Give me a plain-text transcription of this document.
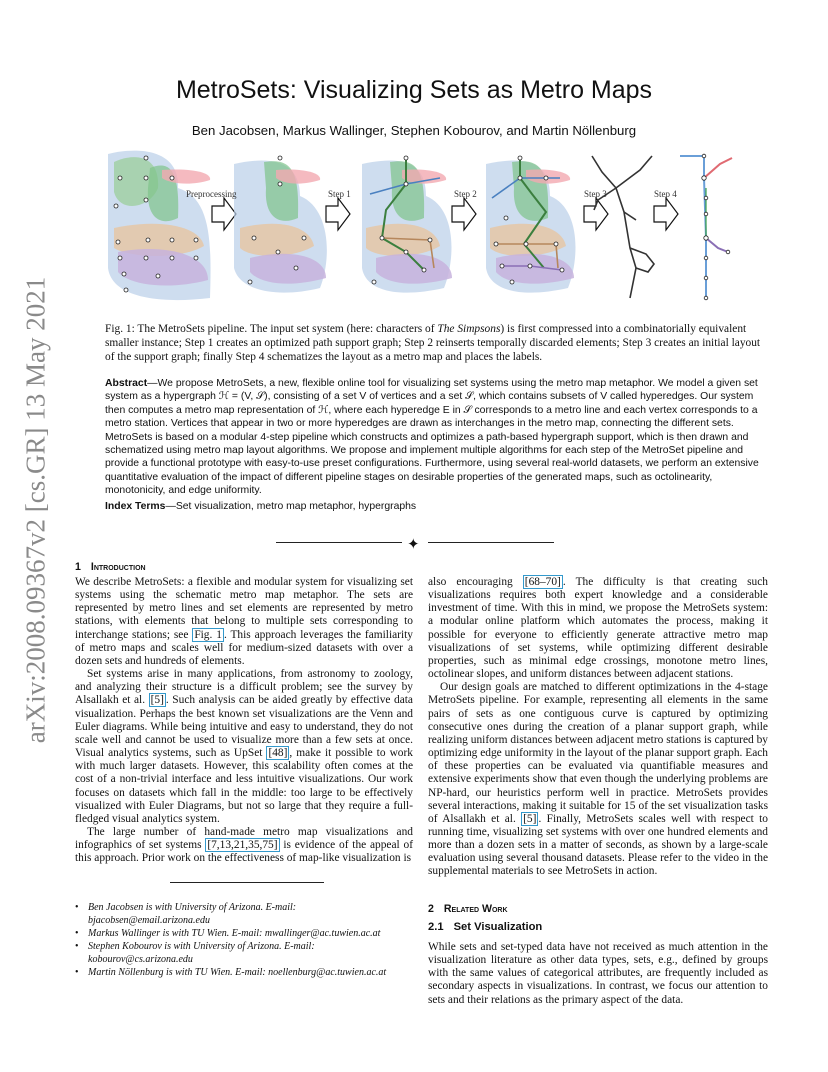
arXiv:2008.09367v2 [cs.GR] 13 May 2021
MetroSets: Visualizing Sets as Metro Maps
Ben Jacobsen, Markus Wallinger, Stephen Kobourov, and Martin Nöllenburg
Preprocessing	Step 1	Step 2	Step 3	Step 4
Fig. 1: The MetroSets pipeline. The input set system (here: characters of The Simpsons) is first compressed into a combinatorially equivalent smaller instance; Step 1 creates an optimized path support graph; Step 2 reinserts temporally discarded elements; Step 3 creates an initial layout of the support graph; finally Step 4 schematizes the layout as a metro map and places the labels.
Abstract—We propose MetroSets, a new, flexible online tool for visualizing set systems using the metro map metaphor. We model a given set system as a hypergraph ℋ = (V, 𝒮), consisting of a set V of vertices and a set 𝒮, which contains subsets of V called hyperedges. Our system then computes a metro map representation of ℋ, where each hyperedge E in 𝒮 corresponds to a metro line and each vertex corresponds to a metro station. Vertices that appear in two or more hyperedges are drawn as interchanges in the metro map, connecting the different sets. MetroSets is based on a modular 4-step pipeline which constructs and optimizes a path-based hypergraph support, which is then drawn and schematized using metro map layout algorithms. We propose and implement multiple algorithms for each step of the MetroSet pipeline and provide a functional prototype with easy-to-use preset configurations. Furthermore, using several real-world datasets, we perform an extensive quantitative evaluation of the impact of different pipeline stages on desirable properties of the generated maps, such as octolinearity, monotonicity, and edge uniformity.
Index Terms—Set visualization, metro map metaphor, hypergraphs
✦
1 Introduction

We describe MetroSets: a flexible and modular system for visualizing set systems using the schematic metro map metaphor. The sets are represented by metro lines and set elements are represented by metro stations, with elements that belong to multiple sets corresponding to interchange stations; see Fig. 1 . This approach leverages the familiarity of metro maps and scales well for medium-sized datasets with over a dozen sets and hundreds of elements.

Set systems arise in many applications, from astronomy to zoology, and analyzing their structure is a difficult problem; see the survey by Alsallakh et al. [5] . Such analysis can be aided greatly by effective data visualization. Perhaps the best known set visualizations are the Venn and Euler diagrams. While being intuitive and easy to understand, they do not scale well and cannot be used to visualize more than a few sets at once. Visual analytics systems, such as UpSet [48] , make it possible to work with much larger datasets. However, this scalability often comes at the cost of a non-trivial interface and less intuitive visualizations. Our work focuses on datasets which fall in the middle: too large to be effectively visualized with Euler Diagrams, but not so large that they require a full-fledged visual analytics system.

The large number of hand-made metro map visualizations and infographics of set systems [7,13,21,35,75] is evidence of the appeal of this approach. Prior work on the effectiveness of map-like visualization is

• Ben Jacobsen is with University of Arizona. E-mail:
bjacobsen@email.arizona.edu
• Markus Wallinger is with TU Wien. E-mail: mwallinger@ac.tuwien.ac.at
• Stephen Kobourov is with University of Arizona. E-mail:
kobourov@cs.arizona.edu
• Martin Nöllenburg is with TU Wien. E-mail: noellenburg@ac.tuwien.ac.at

also encouraging [68–70] . The difficulty is that creating such visualizations requires both expert knowledge and a considerable investment of time. With this in mind, we propose the MetroSets system: a modular online platform which automates the process, making it possible for everyone to efficiently generate attractive metro map visualizations of set systems, while optimizing different desirable properties, such as minimal edge crossings, monotone metro lines, octolinear slopes, and uniform distances between adjacent stations.

Our design goals are matched to different optimizations in the 4-stage MetroSets pipeline. For example, representing all elements in the same pairs of sets as one contiguous curve is captured by optimizing consecutive ones during the creation of a planar support graph, while realizing uniform distances between adjacent metro stations is captured by optimizing edge uniformity in the layout of the planar support graph. Each of these properties can be evaluated via quantifiable measures and extensive experiments show that even though the underlying problems are NP-hard, our heuristics perform well in practice. MetroSets provides several interactions, making it suitable for 15 of the set visualization tasks of Alsallakh et al. [5] . Finally, MetroSets scales well with respect to running time, visualizing set systems with over one hundred elements and more than a dozen sets in a matter of seconds, as shown by a large-scale evaluation using several thousand datasets. Please refer to the video in the supplemental materials to see MetroSets in action.

2 Related Work
2.1 Set Visualization

While sets and set-typed data have not received as much attention in the visualization literature as other data types, sets, e.g., defined by groups with the same values of categorical attributes, are frequently included as secondary aspects in visualizations. In contrast, we focus our attention to sets and their relations as the primary aspect of the data.
